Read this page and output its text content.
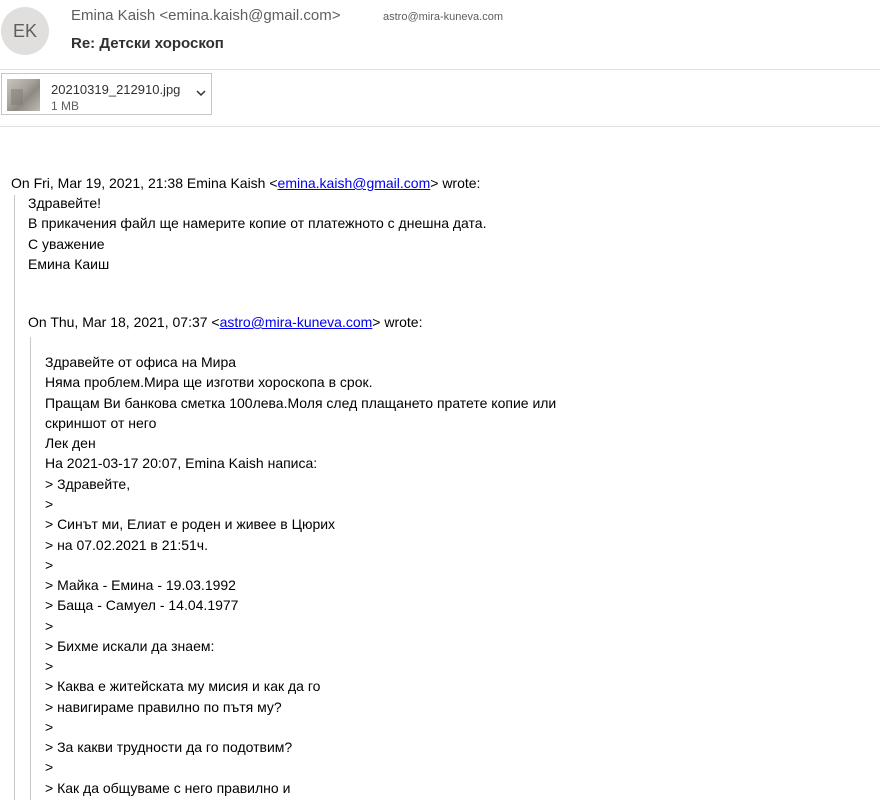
EK
Emina Kaish <emina.kaish@gmail.com>	astro@mira-kuneva.com
Re: Детски хороскоп
20210319_212910.jpg
1 MB
On Fri, Mar 19, 2021, 21:38 Emina Kaish <emina.kaish@gmail.com> wrote:
Здравейте!
В прикачения файл ще намерите копие от платежното с днешна дата.
С уважение
Емина Каиш
On Thu, Mar 18, 2021, 07:37 <astro@mira-kuneva.com> wrote:
Здравейте от офиса на Мира
Няма проблем.Мира ще изготви хороскопа в срок.
Пращам Ви банкова сметка 100лева.Моля след плащането пратете копие или
скриншот от него
Лек ден
На 2021-03-17 20:07, Emina Kaish написа:
> Здравейте,
>
> Синът ми, Елиат е роден и живее в Цюрих
> на 07.02.2021 в 21:51ч.
>
> Майка - Емина - 19.03.1992
> Баща - Самуел - 14.04.1977
>
> Бихме искали да знаем:
>
> Каква е житейската му мисия и как да го
> навигираме правилно по пътя му?
>
> За какви трудности да го подотвим?
>
> Как да общуваме с него правилно и
